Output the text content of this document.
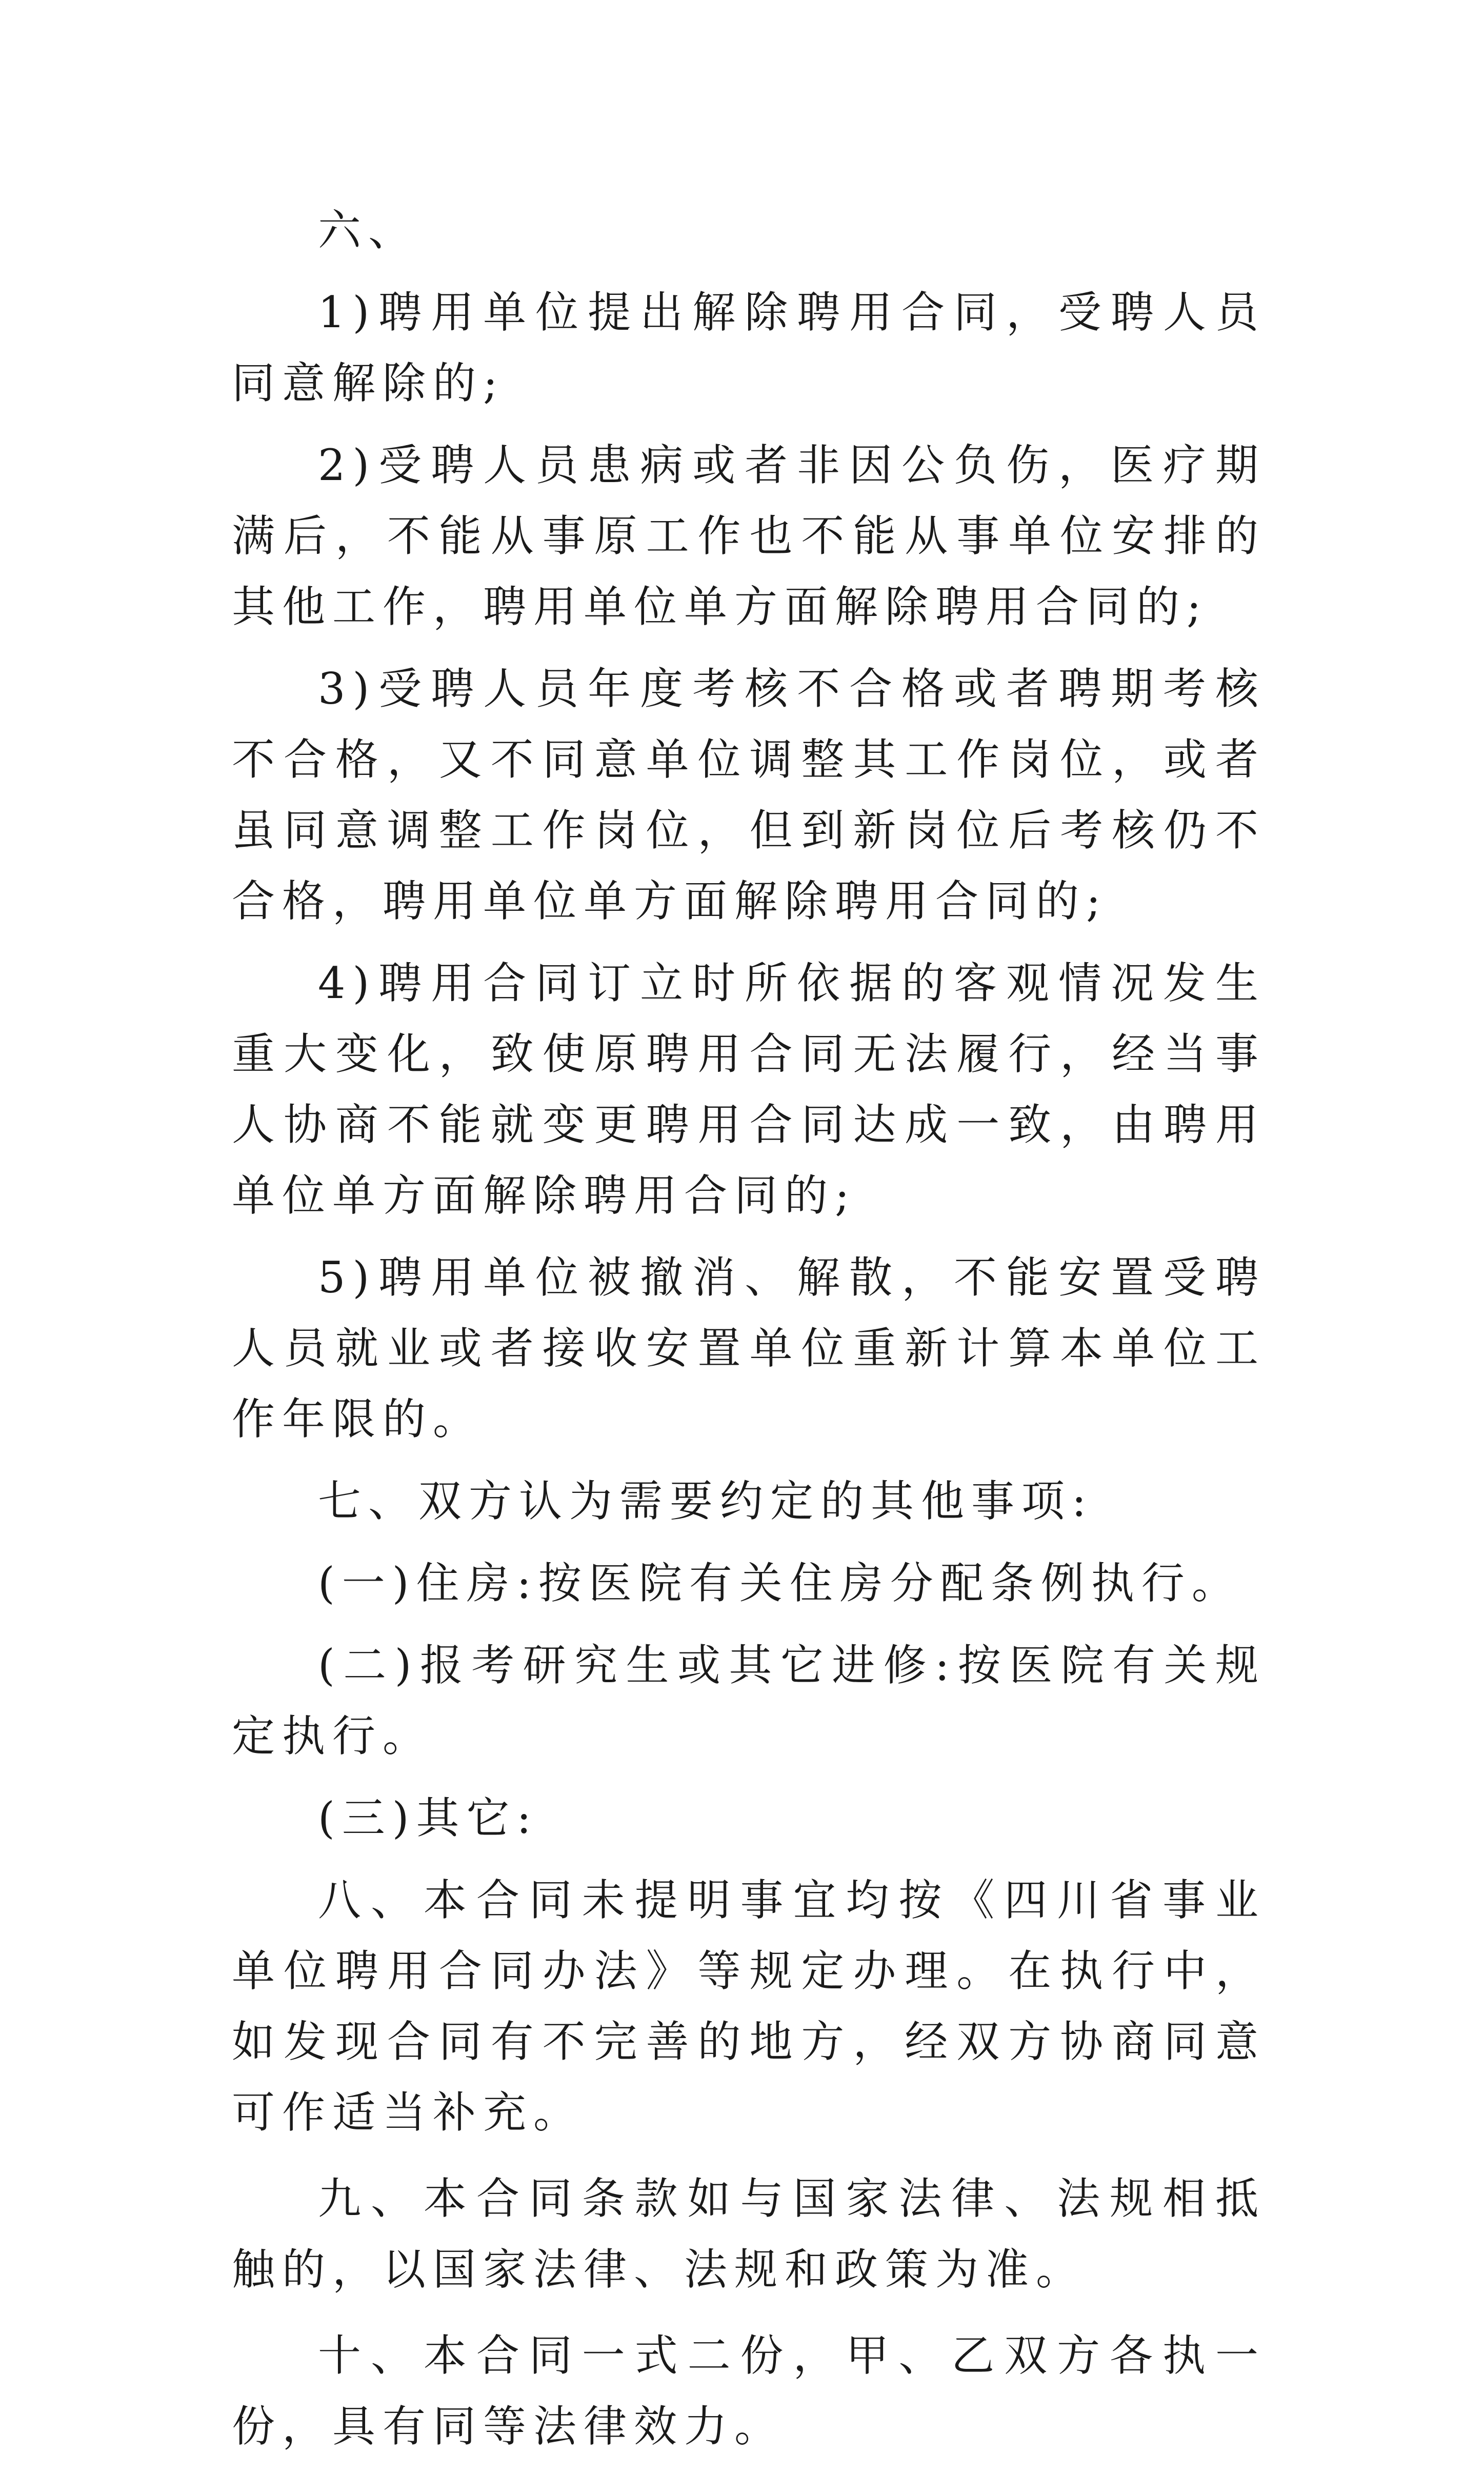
六、

1)聘用单位提出解除聘用合同，受聘人员同意解除的;

2)受聘人员患病或者非因公负伤，医疗期满后，不能从事原工作也不能从事单位安排的其他工作，聘用单位单方面解除聘用合同的;

3)受聘人员年度考核不合格或者聘期考核不合格，又不同意单位调整其工作岗位，或者虽同意调整工作岗位，但到新岗位后考核仍不合格，聘用单位单方面解除聘用合同的;

4)聘用合同订立时所依据的客观情况发生重大变化，致使原聘用合同无法履行，经当事人协商不能就变更聘用合同达成一致，由聘用单位单方面解除聘用合同的;

5)聘用单位被撤消、解散，不能安置受聘人员就业或者接收安置单位重新计算本单位工作年限的。

七、双方认为需要约定的其他事项:

(一)住房:按医院有关住房分配条例执行。

(二)报考研究生或其它进修:按医院有关规定执行。

(三)其它:

八、本合同未提明事宜均按《四川省事业单位聘用合同办法》等规定办理。在执行中，如发现合同有不完善的地方，经双方协商同意可作适当补充。

九、本合同条款如与国家法律、法规相抵触的，以国家法律、法规和政策为准。

十、本合同一式二份，甲、乙双方各执一份，具有同等法律效力。
